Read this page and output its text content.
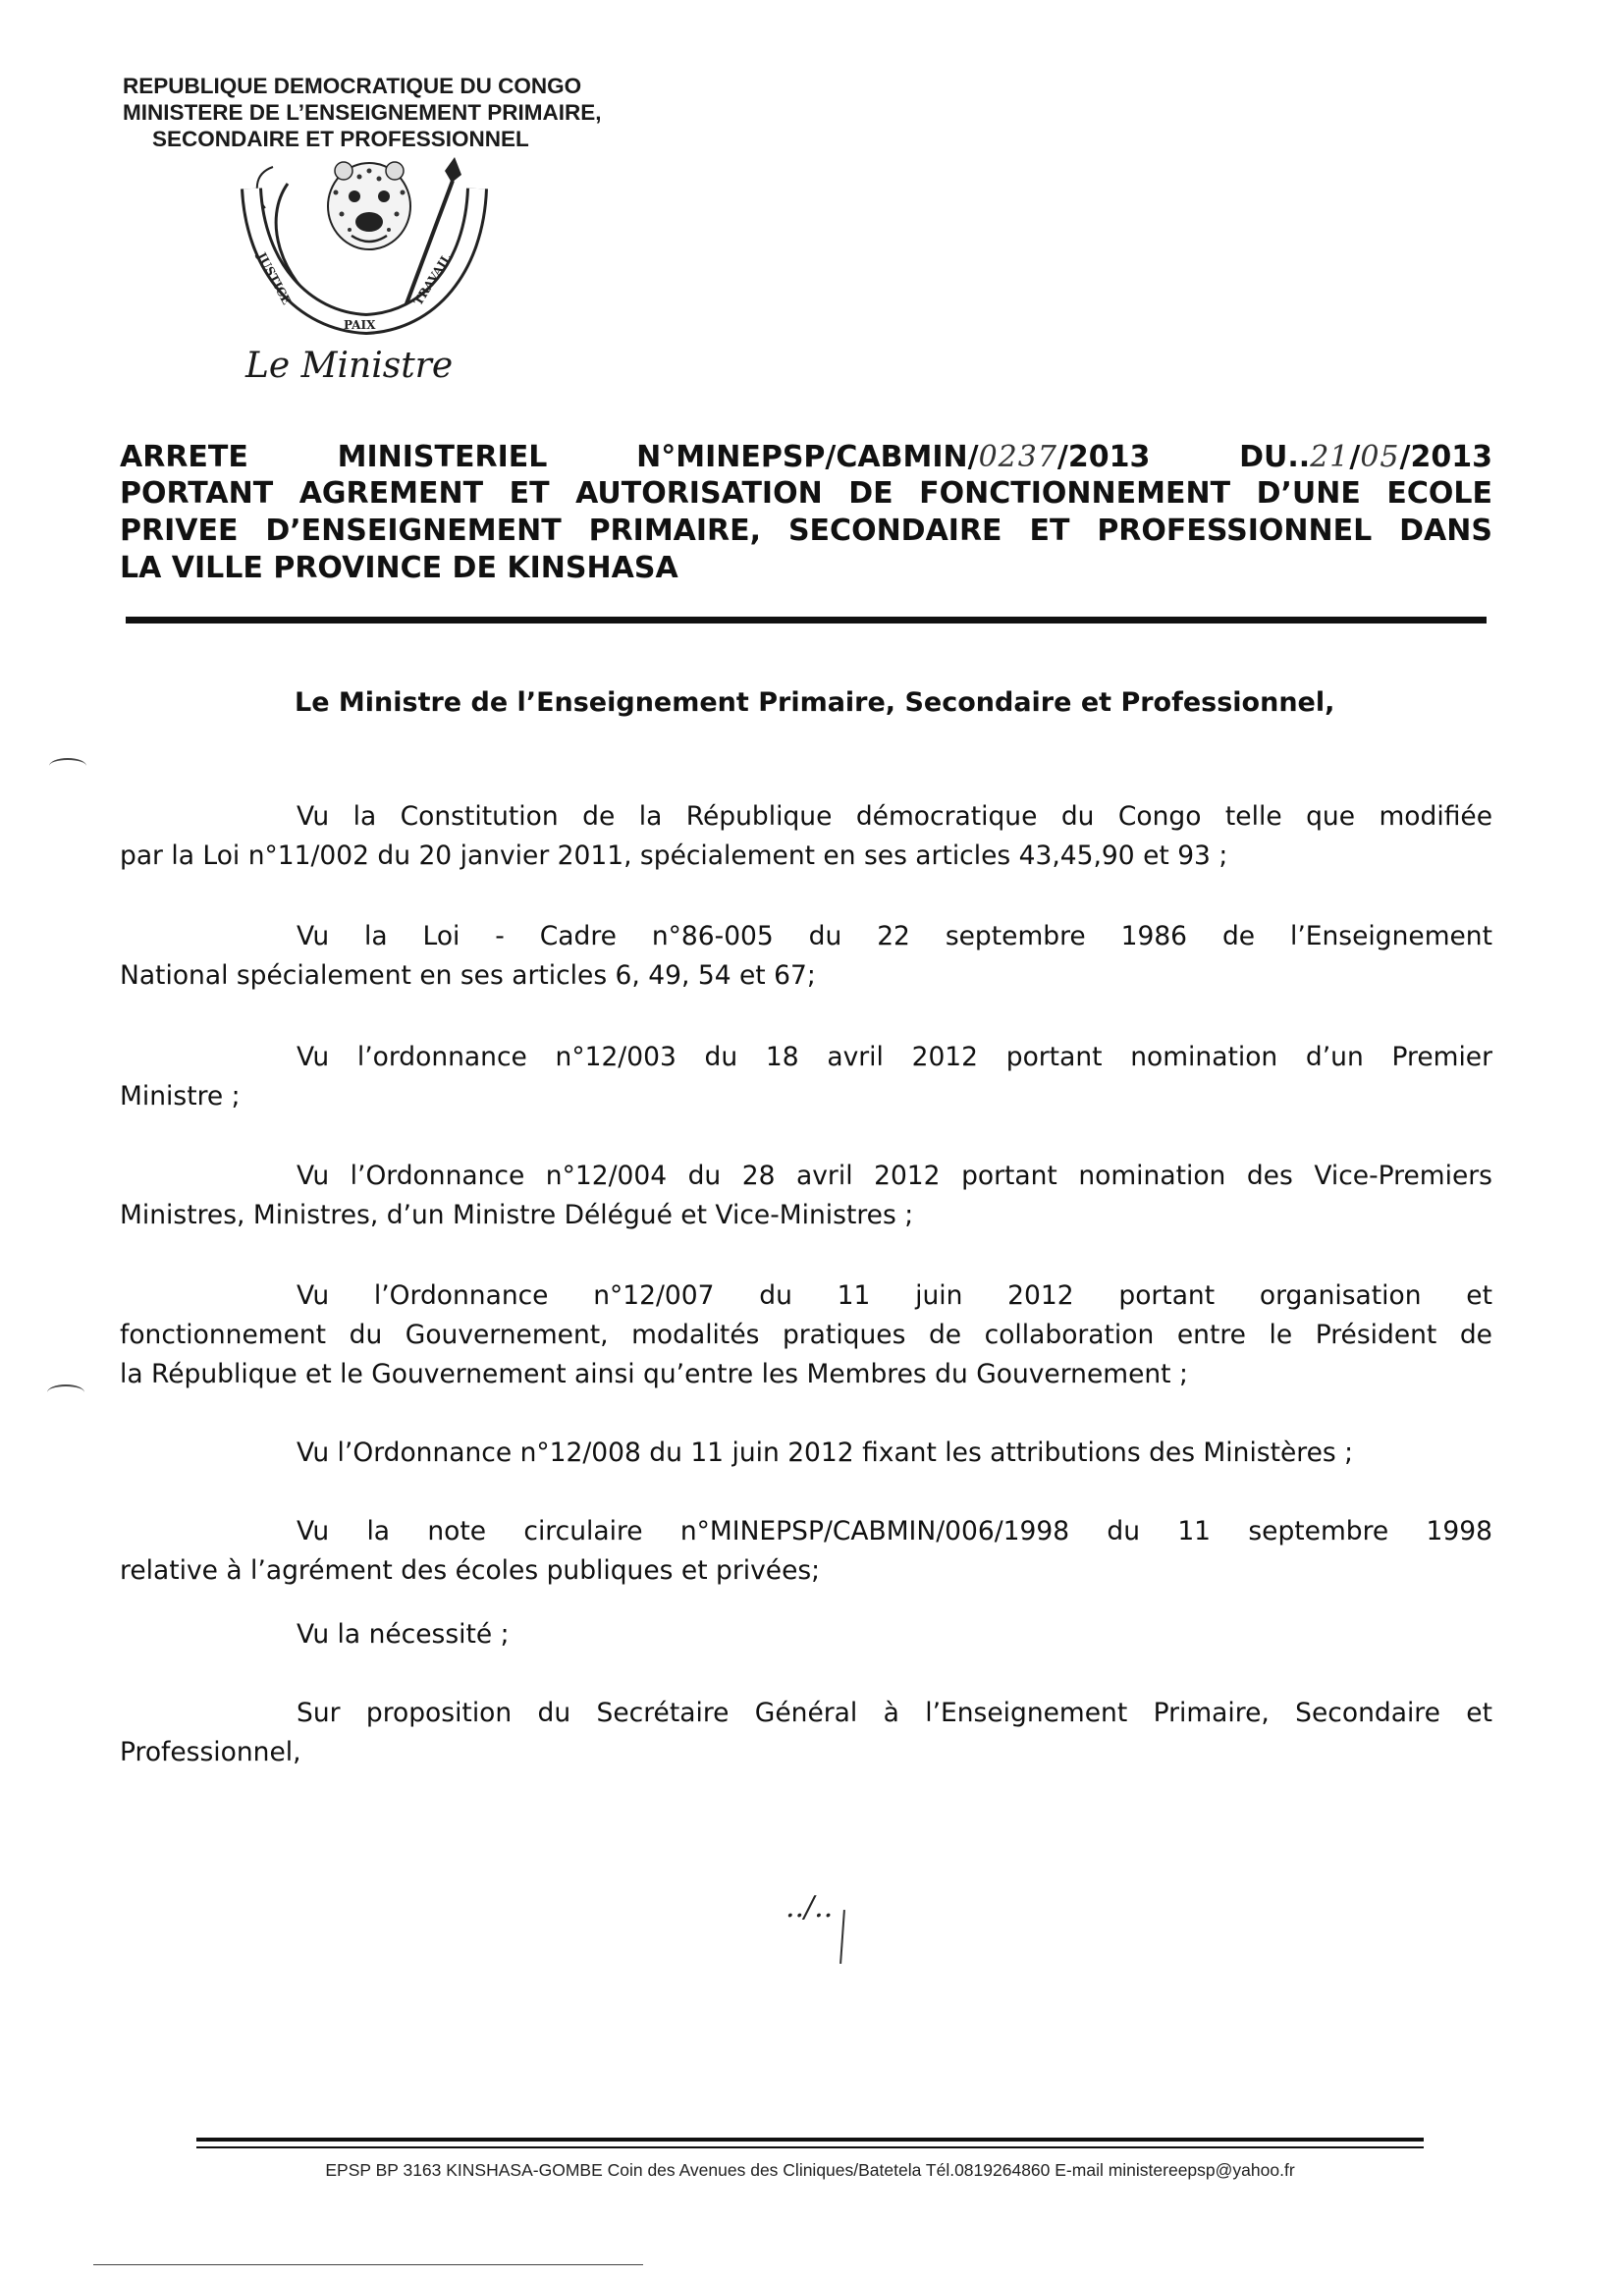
REPUBLIQUE DEMOCRATIQUE DU CONGO
MINISTERE DE L’ENSEIGNEMENT PRIMAIRE,
SECONDAIRE ET PROFESSIONNEL
JUSTICE
PAIX
TRAVAIL
Le Ministre
ARRETE	MINISTERIEL	N°MINEPSP/CABMIN/0237/2013	DU..21/05/2013
PORTANT AGREMENT ET AUTORISATION DE FONCTIONNEMENT D’UNE ECOLE
PRIVEE D’ENSEIGNEMENT PRIMAIRE, SECONDAIRE ET PROFESSIONNEL DANS
LA VILLE PROVINCE DE KINSHASA
Le Ministre de l’Enseignement Primaire, Secondaire et Professionnel,
Vu la Constitution de la République démocratique du Congo telle que modifiée
par la Loi n°11/002 du 20 janvier 2011, spécialement en ses articles 43,45,90 et 93 ;
Vu la Loi - Cadre n°86-005 du 22 septembre 1986 de l’Enseignement
National spécialement en ses articles 6, 49, 54 et 67;
Vu l’ordonnance n°12/003 du 18 avril 2012 portant nomination d’un Premier
Ministre ;
Vu l’Ordonnance n°12/004 du 28 avril 2012 portant nomination des Vice-Premiers
Ministres, Ministres, d’un Ministre Délégué et Vice-Ministres ;
Vu l’Ordonnance n°12/007 du 11 juin 2012 portant organisation et
fonctionnement du Gouvernement, modalités pratiques de collaboration entre le Président de
la République et le Gouvernement ainsi qu’entre les Membres du Gouvernement ;
Vu l’Ordonnance n°12/008 du 11 juin 2012 fixant les attributions des Ministères ;
Vu la note circulaire n°MINEPSP/CABMIN/006/1998 du 11 septembre 1998
relative à l’agrément des écoles publiques et privées;
Vu la nécessité ;
Sur proposition du Secrétaire Général à l’Enseignement Primaire, Secondaire et
Professionnel,
../..
EPSP BP 3163 KINSHASA-GOMBE Coin des Avenues des Cliniques/Batetela Tél.0819264860 E-mail ministereepsp@yahoo.fr
